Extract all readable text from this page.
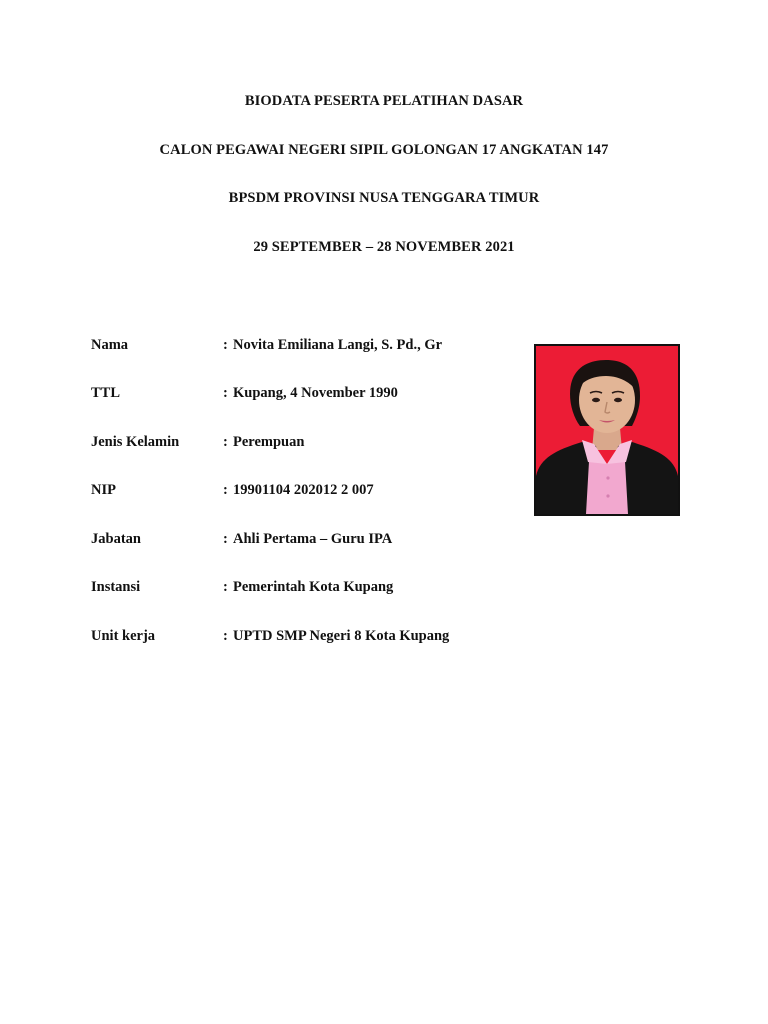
BIODATA PESERTA PELATIHAN DASAR
CALON PEGAWAI NEGERI SIPIL GOLONGAN 17 ANGKATAN 147
BPSDM PROVINSI NUSA TENGGARA TIMUR
29 SEPTEMBER – 28 NOVEMBER 2021
Nama	: Novita Emiliana Langi, S. Pd., Gr
TTL	: Kupang, 4 November 1990
Jenis Kelamin	: Perempuan
NIP	: 19901104 202012 2 007
Jabatan	: Ahli Pertama – Guru IPA
Instansi	: Pemerintah Kota Kupang
Unit kerja	: UPTD SMP Negeri 8 Kota Kupang
